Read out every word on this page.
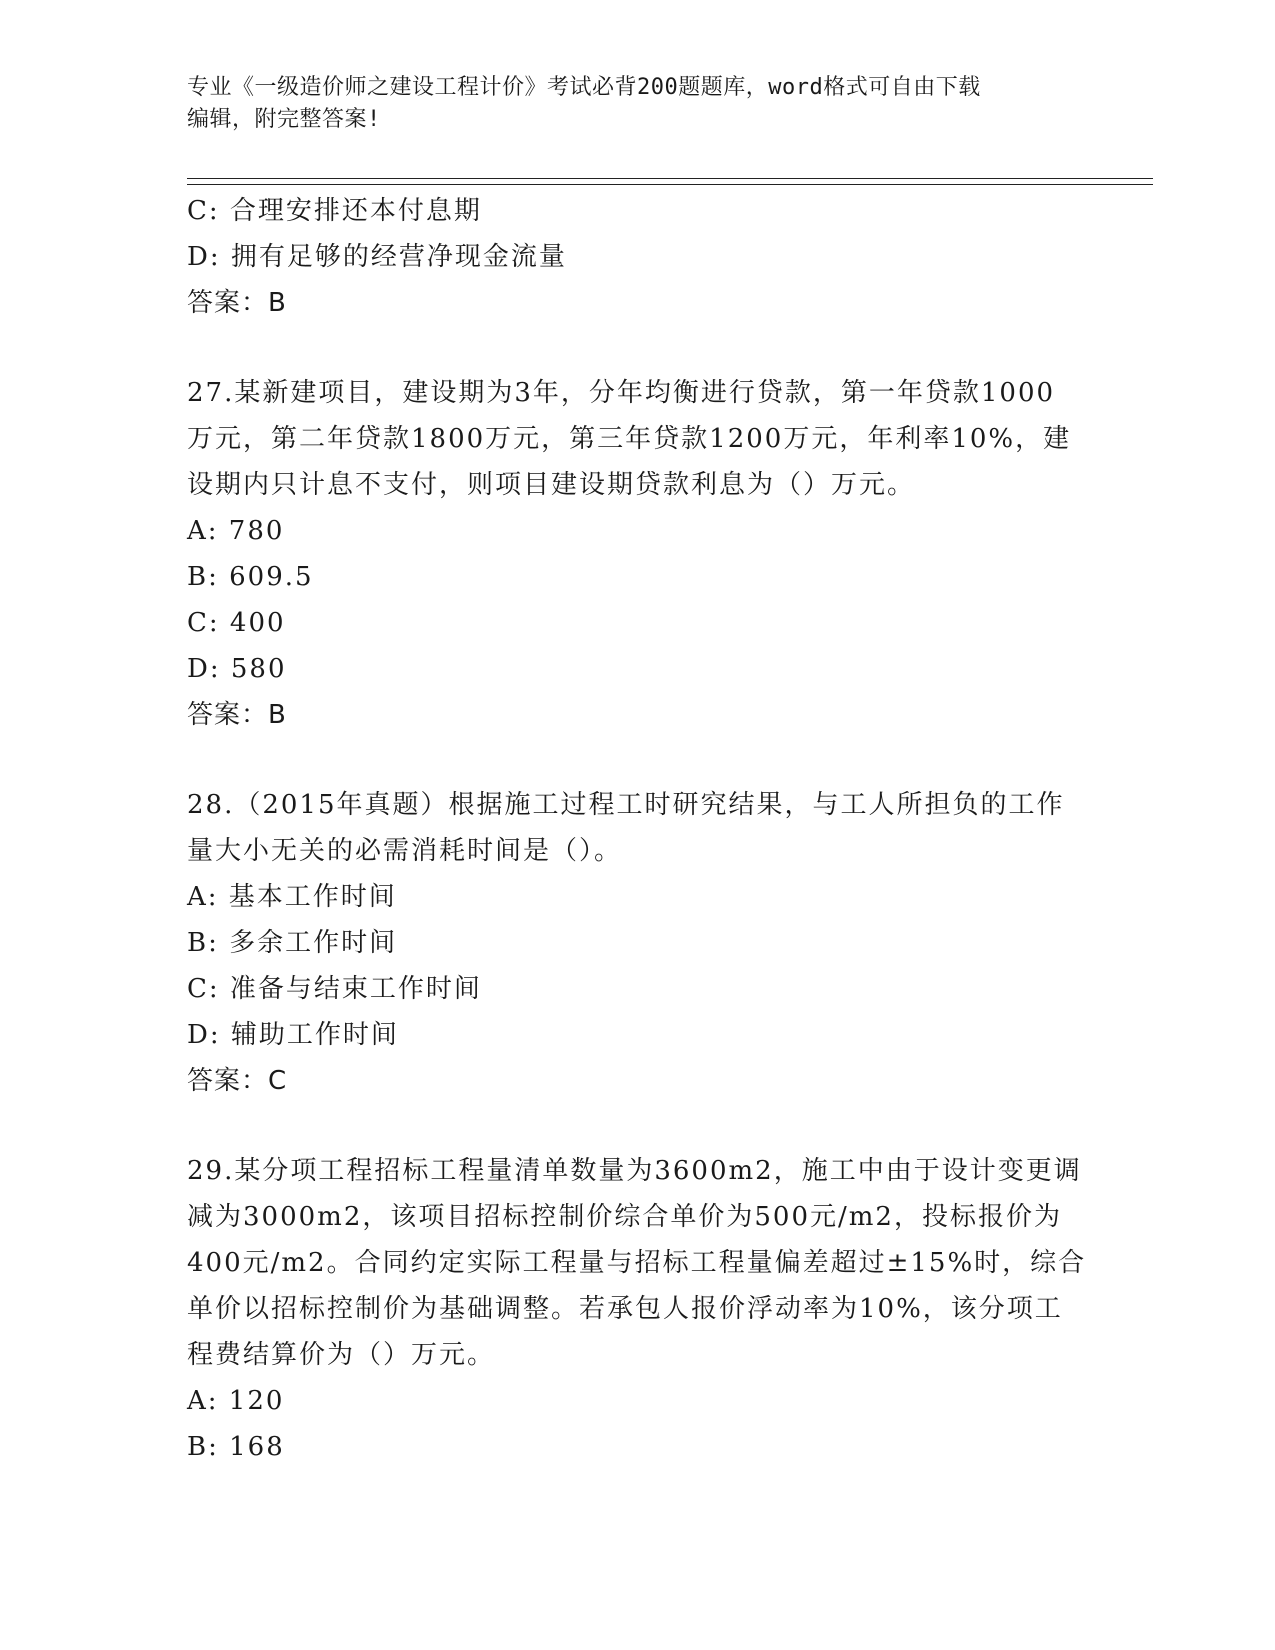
专业《一级造价师之建设工程计价》考试必背200题题库，word格式可自由下载
编辑，附完整答案!
C: 合理安排还本付息期
D: 拥有足够的经营净现金流量
答案：B
27.某新建项目，建设期为3年，分年均衡进行贷款，第一年贷款1000
万元，第二年贷款1800万元，第三年贷款1200万元，年利率10%，建
设期内只计息不支付，则项目建设期贷款利息为（）万元。
A: 780
B: 609.5
C: 400
D: 580
答案：B
28.（2015年真题）根据施工过程工时研究结果，与工人所担负的工作
量大小无关的必需消耗时间是（）。
A: 基本工作时间
B: 多余工作时间
C: 准备与结束工作时间
D: 辅助工作时间
答案：C
29.某分项工程招标工程量清单数量为3600m2，施工中由于设计变更调
减为3000m2，该项目招标控制价综合单价为500元/m2，投标报价为
400元/m2。合同约定实际工程量与招标工程量偏差超过±15%时，综合
单价以招标控制价为基础调整。若承包人报价浮动率为10%，该分项工
程费结算价为（）万元。
A: 120
B: 168
